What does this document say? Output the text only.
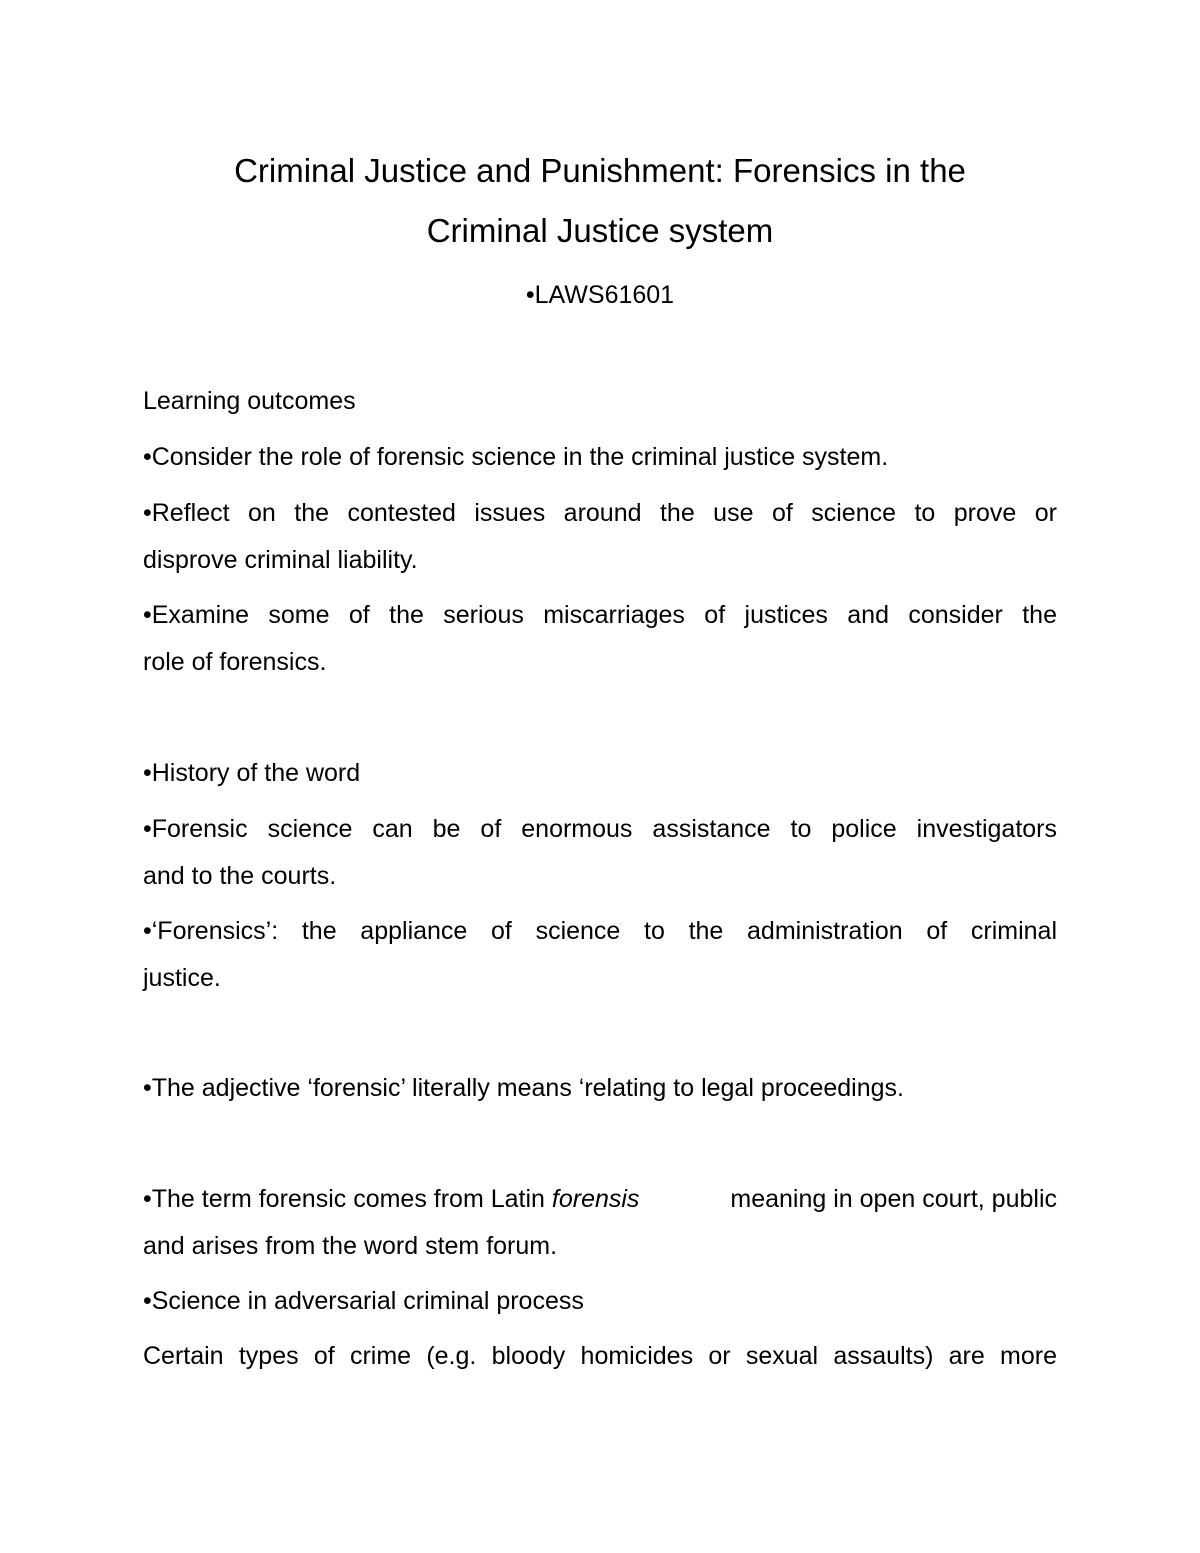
Criminal Justice and Punishment: Forensics in the
Criminal Justice system
•LAWS61601
Learning outcomes
•Consider the role of forensic science in the criminal justice system.
•Reflect on the contested issues around the use of science to prove or
disprove criminal liability.
•Examine some of the serious miscarriages of justices and consider the
role of forensics.
•History of the word
•Forensic science can be of enormous assistance to police investigators
and to the courts.
•‘Forensics’: the appliance of science to the administration of criminal
justice.
•The adjective ‘forensic’ literally means ‘relating to legal proceedings.
•The term forensic comes from Latin forensis	meaning in open court, public
and arises from the word stem forum.
•Science in adversarial criminal process
Certain types of crime (e.g. bloody homicides or sexual assaults) are more
